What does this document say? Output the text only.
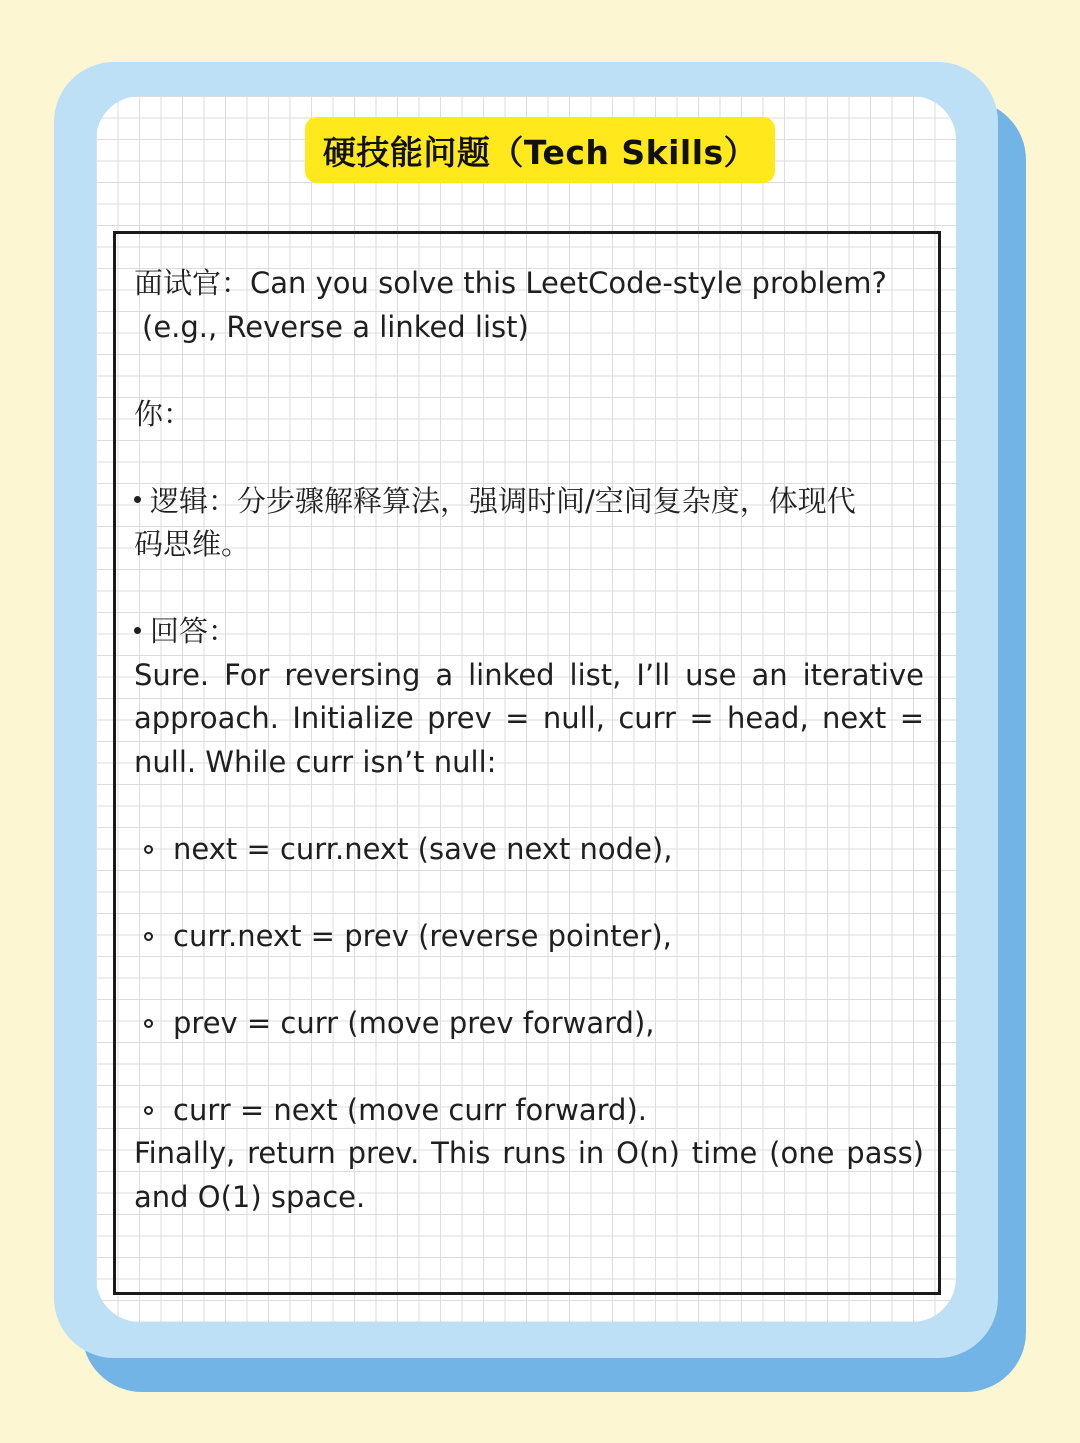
硬技能问题（Tech Skills）
面试官：Can you solve this LeetCode-style problem?
(e.g., Reverse a linked list)
你：
逻辑：分步骤解释算法，强调时间/空间复杂度，体现代
码思维。
回答：
Sure. For reversing a linked list, I’ll use an iterative
approach. Initialize prev = null, curr = head, next =
null. While curr isn’t null:
next = curr.next (save next node),
curr.next = prev (reverse pointer),
prev = curr (move prev forward),
curr = next (move curr forward).
Finally, return prev. This runs in O(n) time (one pass)
and O(1) space.
